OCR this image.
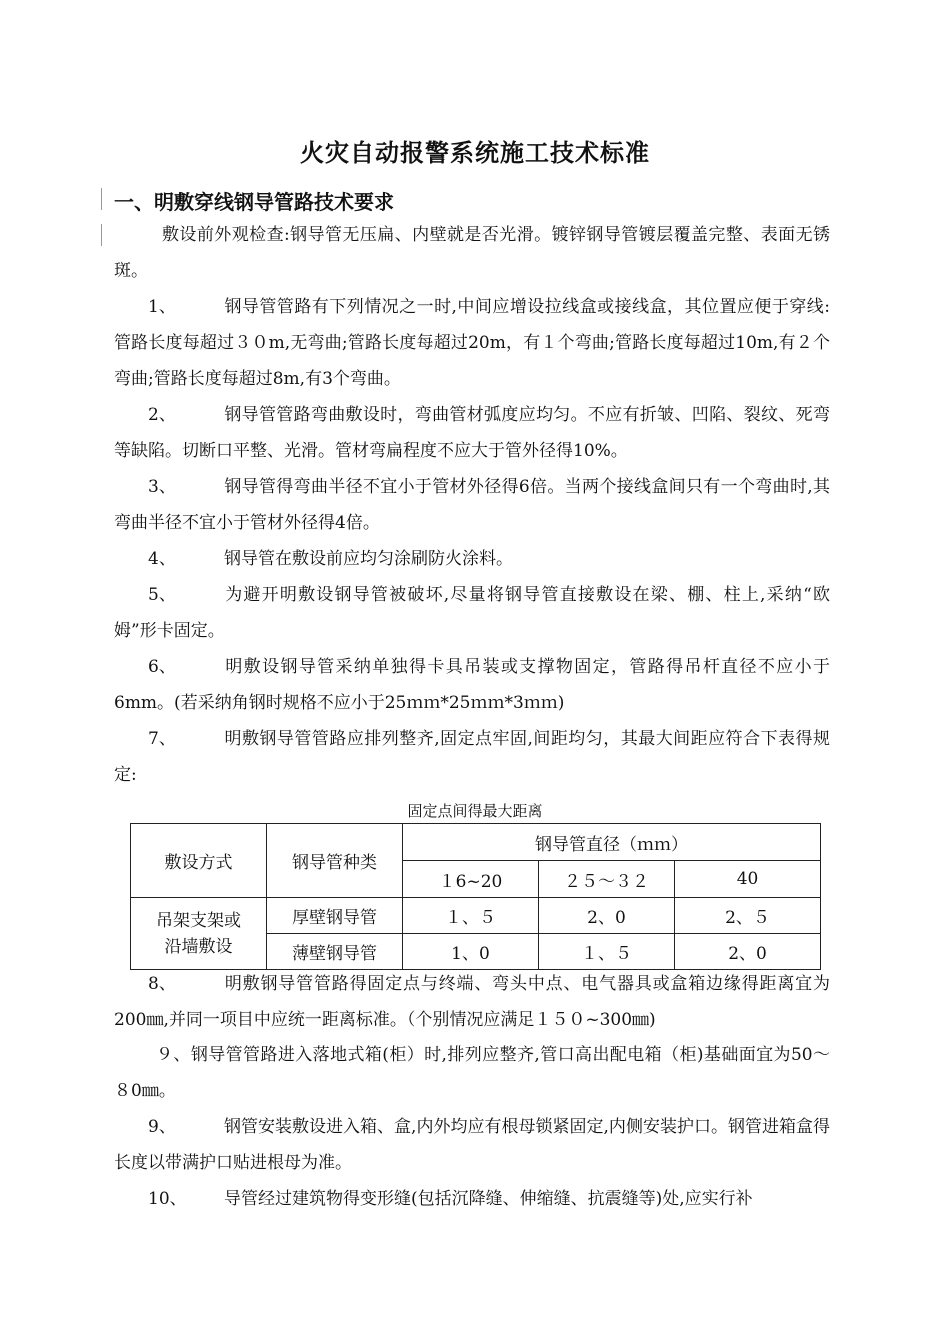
火灾自动报警系统施工技术标准
一、明敷穿线钢导管路技术要求
敷设前外观检查:钢导管无压扁、内壁就是否光滑。镀锌钢导管镀层覆盖完整、表面无锈斑。
1、	钢导管管路有下列情况之一时,中间应增设拉线盒或接线盒，其位置应便于穿线:管路长度每超过３０m,无弯曲;管路长度每超过20m，有１个弯曲;管路长度每超过10m,有２个弯曲;管路长度每超过8m,有3个弯曲。
2、	钢导管管路弯曲敷设时，弯曲管材弧度应均匀。不应有折皱、凹陷、裂纹、死弯等缺陷。切断口平整、光滑。管材弯扁程度不应大于管外径得10%。
3、	钢导管得弯曲半径不宜小于管材外径得6倍。当两个接线盒间只有一个弯曲时,其弯曲半径不宜小于管材外径得4倍。
4、	钢导管在敷设前应均匀涂刷防火涂料。
5、	为避开明敷设钢导管被破坏,尽量将钢导管直接敷设在梁、棚、柱上,采纳“欧姆”形卡固定。
6、	明敷设钢导管采纳单独得卡具吊装或支撑物固定，管路得吊杆直径不应小于6mm。(若采纳角钢时规格不应小于25ｍｍ*25ｍｍ*3ｍｍ)
7、	明敷钢导管管路应排列整齐,固定点牢固,间距均匀，其最大间距应符合下表得规定:
固定点间得最大距离
敷设方式	钢导管种类	钢导管直径（ｍｍ）		
		１6~20	２５～３２	40
吊架支架或沿墙敷设	厚壁钢导管	１、５	2、0	2、５
	薄壁钢导管	1、0	１、５	2、0
8、	明敷钢导管管路得固定点与终端、弯头中点、电气器具或盒箱边缘得距离宜为200㎜,并同一项目中应统一距离标准。（个别情况应满足１５０~300㎜)
９、钢导管管路进入落地式箱(柜）时,排列应整齐,管口高出配电箱（柜)基础面宜为50～８0㎜。
9、	钢管安装敷设进入箱、盒,内外均应有根母锁紧固定,内侧安装护口。钢管进箱盒得长度以带满护口贴进根母为准。
10、 导管经过建筑物得变形缝(包括沉降缝、伸缩缝、抗震缝等)处,应实行补
